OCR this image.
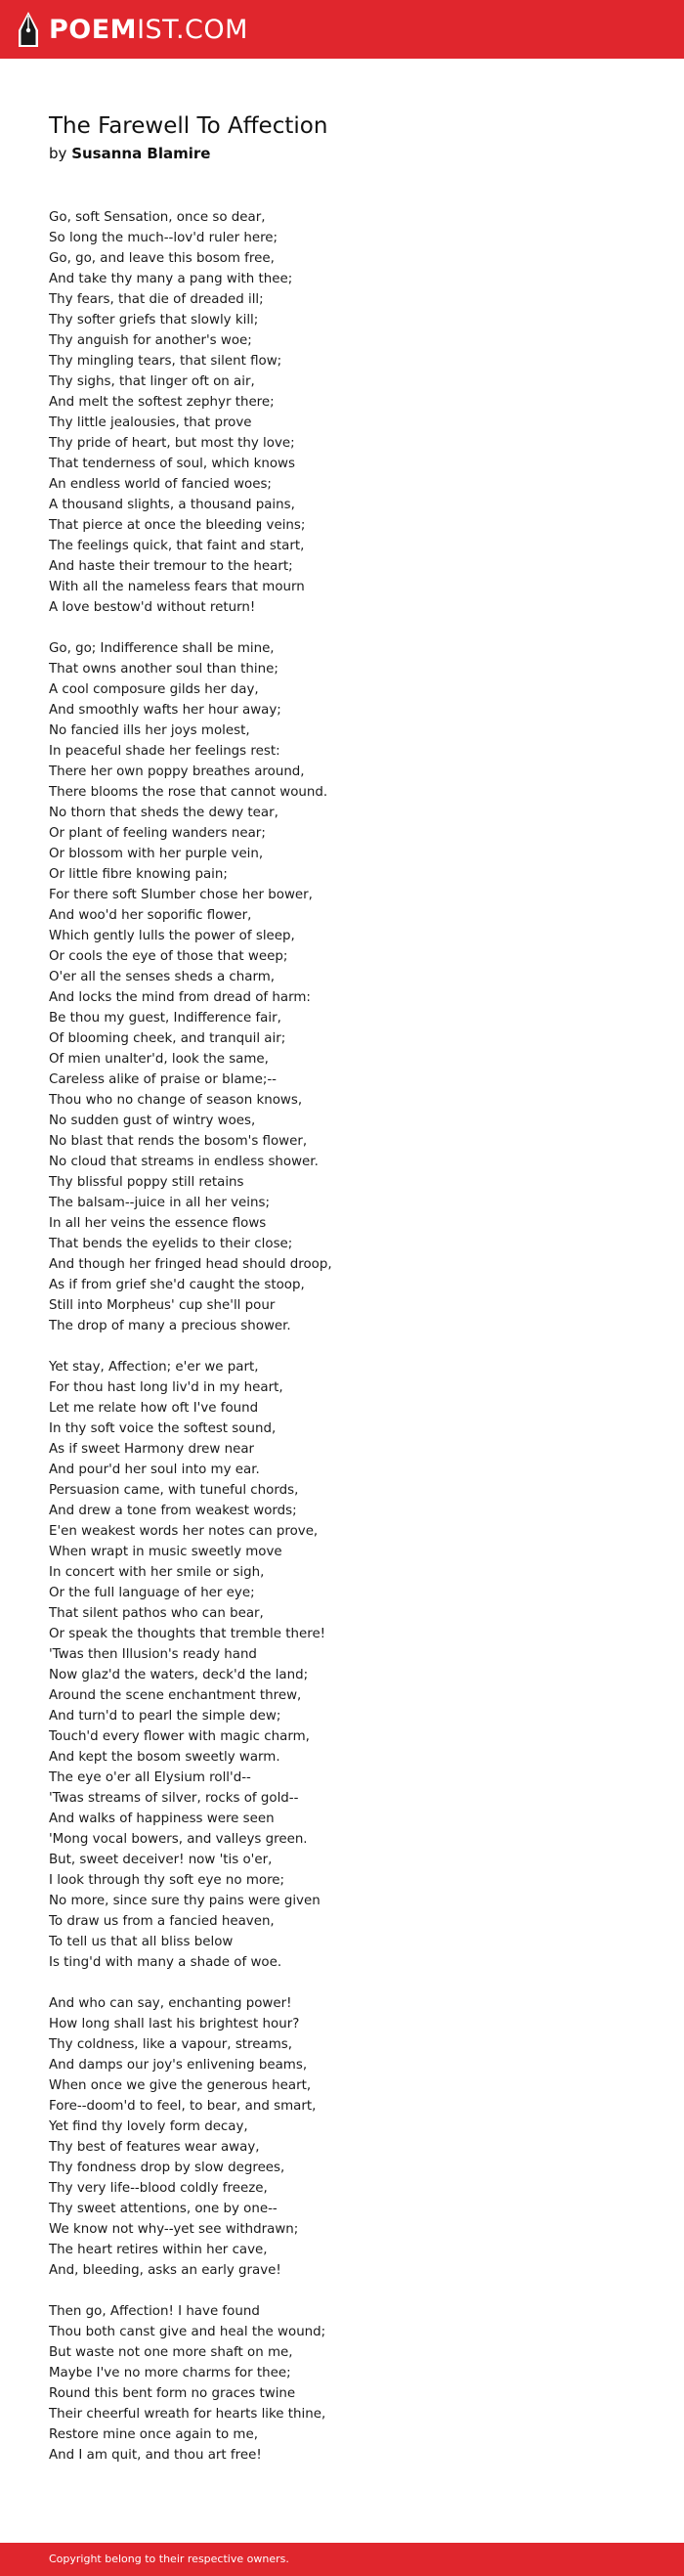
POEM IST.COM
The Farewell To Affection

by Susanna Blamire

Go, soft Sensation, once so dear,
So long the much--lov'd ruler here;
Go, go, and leave this bosom free,
And take thy many a pang with thee;
Thy fears, that die of dreaded ill;
Thy softer griefs that slowly kill;
Thy anguish for another's woe;
Thy mingling tears, that silent flow;
Thy sighs, that linger oft on air,
And melt the softest zephyr there;
Thy little jealousies, that prove
Thy pride of heart, but most thy love;
That tenderness of soul, which knows
An endless world of fancied woes;
A thousand slights, a thousand pains,
That pierce at once the bleeding veins;
The feelings quick, that faint and start,
And haste their tremour to the heart;
With all the nameless fears that mourn
A love bestow'd without return!
Go, go; Indifference shall be mine,
That owns another soul than thine;
A cool composure gilds her day,
And smoothly wafts her hour away;
No fancied ills her joys molest,
In peaceful shade her feelings rest:
There her own poppy breathes around,
There blooms the rose that cannot wound.
No thorn that sheds the dewy tear,
Or plant of feeling wanders near;
Or blossom with her purple vein,
Or little fibre knowing pain;
For there soft Slumber chose her bower,
And woo'd her soporific flower,
Which gently lulls the power of sleep,
Or cools the eye of those that weep;
O'er all the senses sheds a charm,
And locks the mind from dread of harm:
Be thou my guest, Indifference fair,
Of blooming cheek, and tranquil air;
Of mien unalter'd, look the same,
Careless alike of praise or blame;--
Thou who no change of season knows,
No sudden gust of wintry woes,
No blast that rends the bosom's flower,
No cloud that streams in endless shower.
Thy blissful poppy still retains
The balsam--juice in all her veins;
In all her veins the essence flows
That bends the eyelids to their close;
And though her fringed head should droop,
As if from grief she'd caught the stoop,
Still into Morpheus' cup she'll pour
The drop of many a precious shower.
Yet stay, Affection; e'er we part,
For thou hast long liv'd in my heart,
Let me relate how oft I've found
In thy soft voice the softest sound,
As if sweet Harmony drew near
And pour'd her soul into my ear.
Persuasion came, with tuneful chords,
And drew a tone from weakest words;
E'en weakest words her notes can prove,
When wrapt in music sweetly move
In concert with her smile or sigh,
Or the full language of her eye;
That silent pathos who can bear,
Or speak the thoughts that tremble there!
'Twas then Illusion's ready hand
Now glaz'd the waters, deck'd the land;
Around the scene enchantment threw,
And turn'd to pearl the simple dew;
Touch'd every flower with magic charm,
And kept the bosom sweetly warm.
The eye o'er all Elysium roll'd--
'Twas streams of silver, rocks of gold--
And walks of happiness were seen
'Mong vocal bowers, and valleys green.
But, sweet deceiver! now 'tis o'er,
I look through thy soft eye no more;
No more, since sure thy pains were given
To draw us from a fancied heaven,
To tell us that all bliss below
Is ting'd with many a shade of woe.
And who can say, enchanting power!
How long shall last his brightest hour?
Thy coldness, like a vapour, streams,
And damps our joy's enlivening beams,
When once we give the generous heart,
Fore--doom'd to feel, to bear, and smart,
Yet find thy lovely form decay,
Thy best of features wear away,
Thy fondness drop by slow degrees,
Thy very life--blood coldly freeze,
Thy sweet attentions, one by one--
We know not why--yet see withdrawn;
The heart retires within her cave,
And, bleeding, asks an early grave!
Then go, Affection! I have found
Thou both canst give and heal the wound;
But waste not one more shaft on me,
Maybe I've no more charms for thee;
Round this bent form no graces twine
Their cheerful wreath for hearts like thine,
Restore mine once again to me,
And I am quit, and thou art free!
Copyright belong to their respective owners.
